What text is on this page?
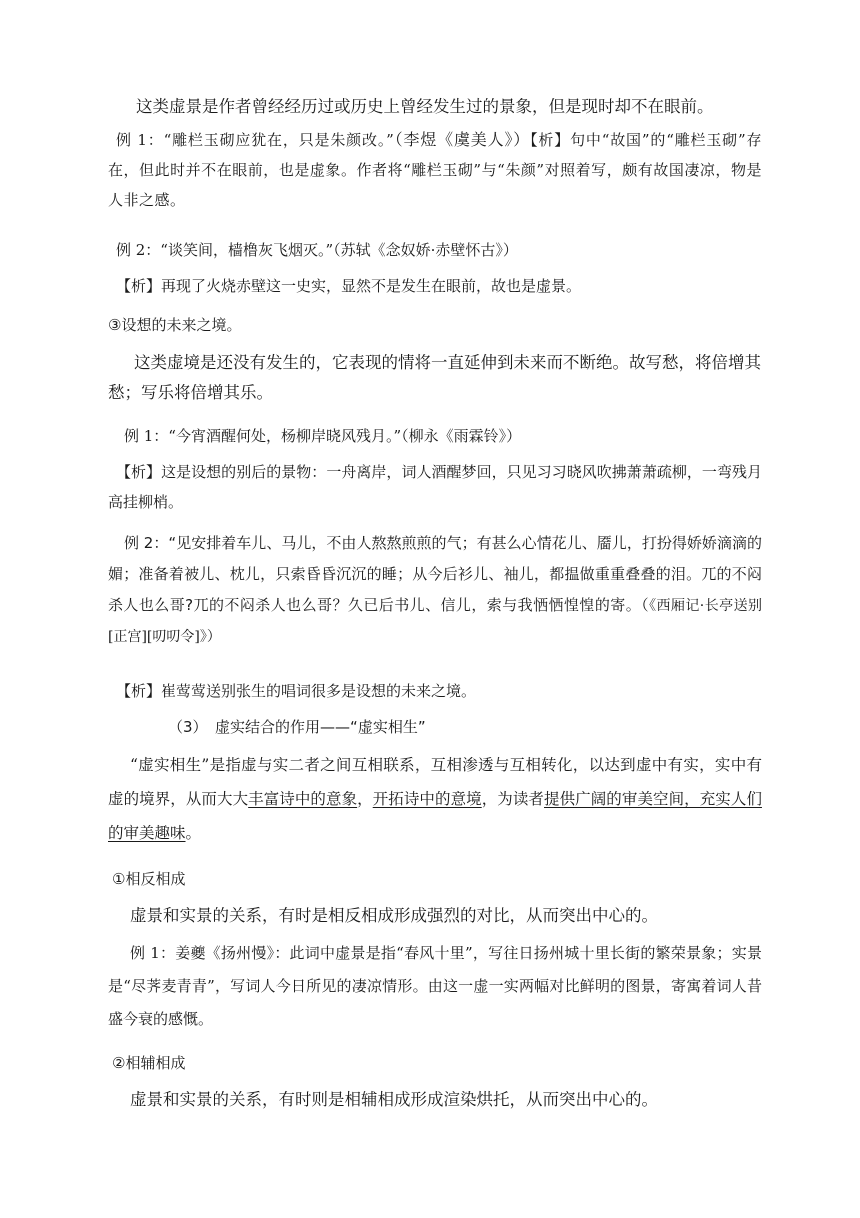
这类虚景是作者曾经经历过或历史上曾经发生过的景象，但是现时却不在眼前。

例 1：“雕栏玉砌应犹在，只是朱颜改。”（李煜《虞美人》）【析】句中“故国”的“雕栏玉砌”存在，但此时并不在眼前，也是虚象。作者将“雕栏玉砌”与“朱颜”对照着写，颇有故国凄凉，物是人非之感。

例 2：“谈笑间，樯橹灰飞烟灭。”（苏轼《念奴娇·赤壁怀古》）

【析】再现了火烧赤壁这一史实，显然不是发生在眼前，故也是虚景。

③设想的未来之境。

这类虚境是还没有发生的，它表现的情将一直延伸到未来而不断绝。故写愁，将倍增其愁；写乐将倍增其乐。

例 1：“今宵酒醒何处，杨柳岸晓风残月。”（柳永《雨霖铃》）

【析】这是设想的别后的景物：一舟离岸，词人酒醒梦回，只见习习晓风吹拂萧萧疏柳，一弯残月高挂柳梢。

例 2：“见安排着车儿、马儿，不由人熬熬煎煎的气；有甚么心情花儿、靥儿，打扮得娇娇滴滴的媚；准备着被儿、枕儿，只索昏昏沉沉的睡；从今后衫儿、袖儿，都揾做重重叠叠的泪。兀的不闷杀人也么哥?兀的不闷杀人也么哥？久已后书儿、信儿，索与我恓恓惶惶的寄。（《西厢记·长亭送别[正宫][叨叨令]》）

【析】崔莺莺送别张生的唱词很多是设想的未来之境。

（3）　虚实结合的作用——“虚实相生”

“虚实相生”是指虚与实二者之间互相联系，互相渗透与互相转化，以达到虚中有实，实中有虚的境界，从而大大丰富诗中的意象，开拓诗中的意境，为读者提供广阔的审美空间，充实人们的审美趣味。

①相反相成

虚景和实景的关系，有时是相反相成形成强烈的对比，从而突出中心的。

例 1：姜夔《扬州慢》：此词中虚景是指“春风十里”，写往日扬州城十里长街的繁荣景象；实景是“尽荠麦青青”，写词人今日所见的凄凉情形。由这一虚一实两幅对比鲜明的图景，寄寓着词人昔盛今衰的感慨。

②相辅相成

虚景和实景的关系，有时则是相辅相成形成渲染烘托，从而突出中心的。
